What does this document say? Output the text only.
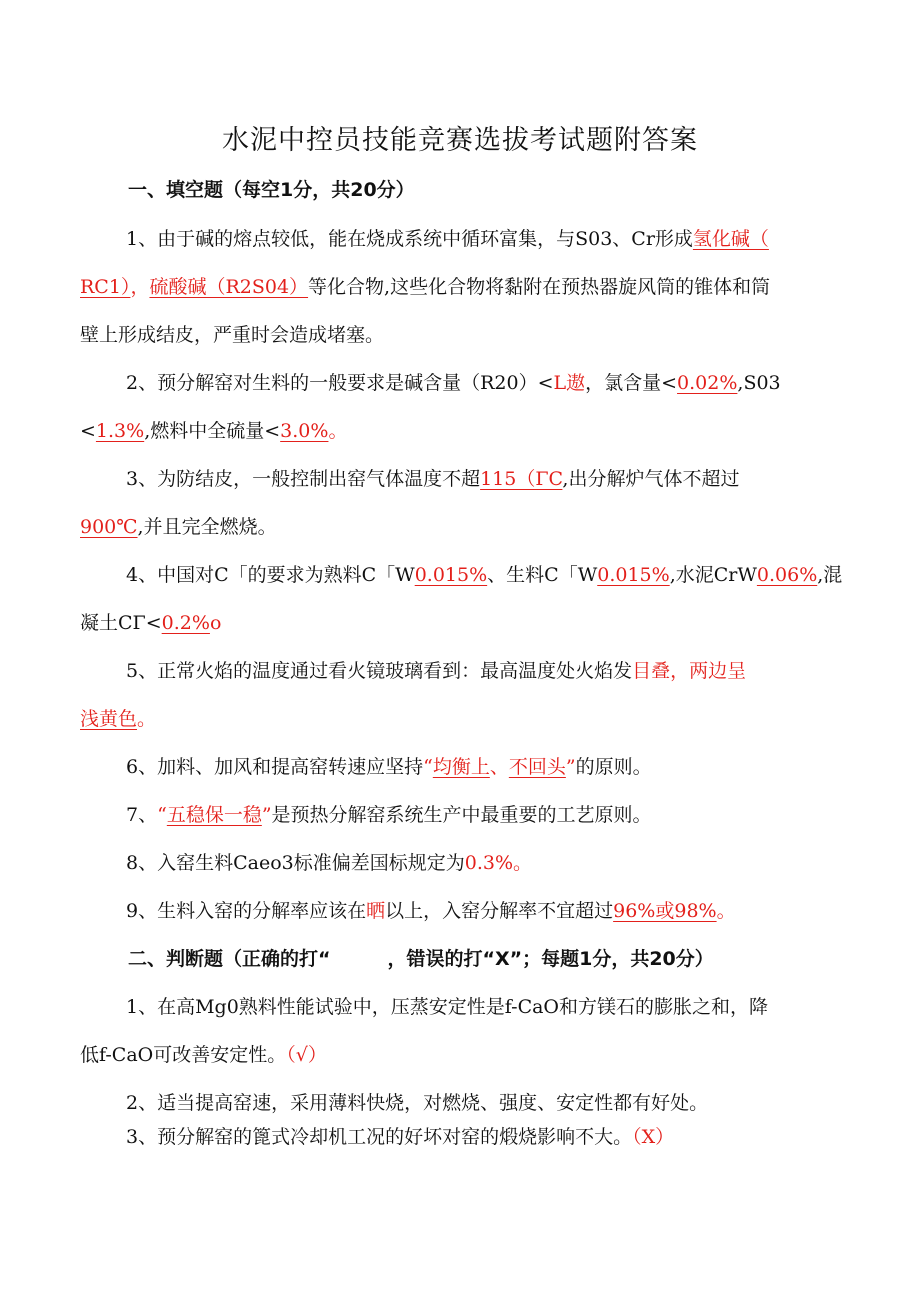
水泥中控员技能竞赛选拔考试题附答案
一、填空题（每空1分，共20分）
1、由于碱的熔点较低，能在烧成系统中循环富集，与S03、Cr形成氢化碱（
RC1），硫酸碱（R2S04）等化合物,这些化合物将黏附在预热器旋风筒的锥体和筒
壁上形成结皮，严重时会造成堵塞。
2、预分解窑对生料的一般要求是碱含量（R20）<L遨，氯含量<0.02%,S03
<1.3%,燃料中全硫量<3.0%。
3、为防结皮，一般控制出窑气体温度不超115（ΓC,出分解炉气体不超过
900℃,并且完全燃烧。
4、中国对C「的要求为熟料C「W0.015%、生料C「W0.015%,水泥CrW0.06%,混
凝土CΓ<0.2%o
5、正常火焰的温度通过看火镜玻璃看到：最高温度处火焰发目叠，两边呈
浅黄色。
6、加料、加风和提高窑转速应坚持“均衡上、不回头”的原则。
7、“五稳保一稳”是预热分解窑系统生产中最重要的工艺原则。
8、入窑生料Caeo3标准偏差国标规定为0.3%。
9、生料入窑的分解率应该在晒以上，入窑分解率不宜超过96%或98%。
二、判断题（正确的打“　　　，错误的打“X”；每题1分，共20分）
1、在高Mg0熟料性能试验中，压蒸安定性是f-CaO和方镁石的膨胀之和，降
低f-CaO可改善安定性。（√）
2、适当提高窑速，采用薄料快烧，对燃烧、强度、安定性都有好处。
3、预分解窑的篦式冷却机工况的好坏对窑的煅烧影响不大。（X）
